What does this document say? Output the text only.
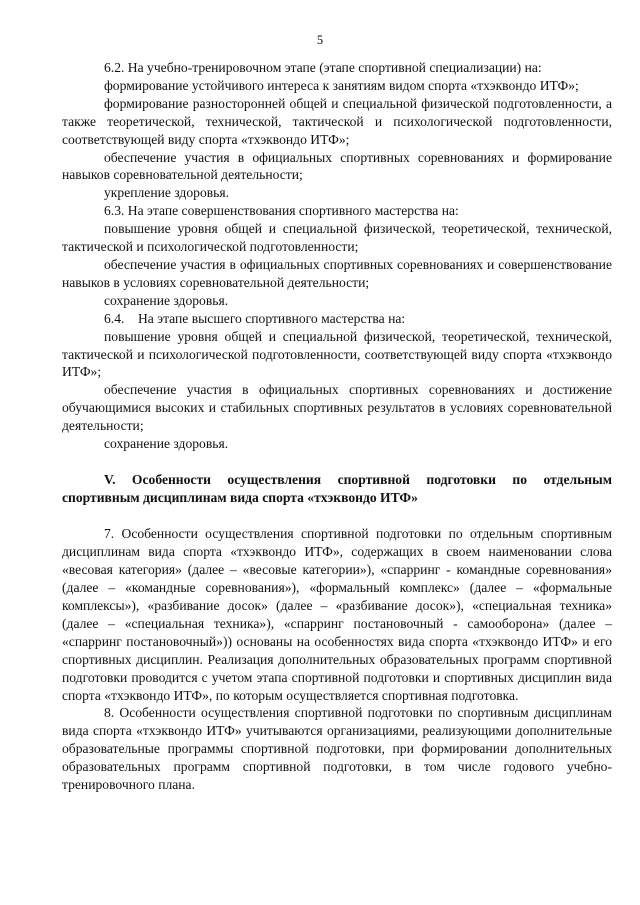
5

6.2. На учебно-тренировочном этапе (этапе спортивной специализации) на:

формирование устойчивого интереса к занятиям видом спорта «тхэквондо ИТФ»;

формирование разносторонней общей и специальной физической подготовленности, а также теоретической, технической, тактической и психологической подготовленности, соответствующей виду спорта «тхэквондо ИТФ»;

обеспечение участия в официальных спортивных соревнованиях и формирование навыков соревновательной деятельности;

укрепление здоровья.

6.3. На этапе совершенствования спортивного мастерства на:

повышение уровня общей и специальной физической, теоретической, технической, тактической и психологической подготовленности;

обеспечение участия в официальных спортивных соревнованиях и совершенствование навыков в условиях соревновательной деятельности;

сохранение здоровья.

6.4. На этапе высшего спортивного мастерства на:

повышение уровня общей и специальной физической, теоретической, технической, тактической и психологической подготовленности, соответствующей виду спорта «тхэквондо ИТФ»;

обеспечение участия в официальных спортивных соревнованиях и достижение обучающимися высоких и стабильных спортивных результатов в условиях соревновательной деятельности;

сохранение здоровья.

V. Особенности осуществления спортивной подготовки по отдельным спортивным дисциплинам вида спорта «тхэквондо ИТФ»

7. Особенности осуществления спортивной подготовки по отдельным спортивным дисциплинам вида спорта «тхэквондо ИТФ», содержащих в своем наименовании слова «весовая категория» (далее – «весовые категории»), «спарринг - командные соревнования» (далее – «командные соревнования»), «формальный комплекс» (далее – «формальные комплексы»), «разбивание досок» (далее – «разбивание досок»), «специальная техника» (далее – «специальная техника»), «спарринг постановочный - самооборона» (далее – «спарринг постановочный»)) основаны на особенностях вида спорта «тхэквондо ИТФ» и его спортивных дисциплин. Реализация дополнительных образовательных программ спортивной подготовки проводится с учетом этапа спортивной подготовки и спортивных дисциплин вида спорта «тхэквондо ИТФ», по которым осуществляется спортивная подготовка.

8. Особенности осуществления спортивной подготовки по спортивным дисциплинам вида спорта «тхэквондо ИТФ» учитываются организациями, реализующими дополнительные образовательные программы спортивной подготовки, при формировании дополнительных образовательных программ спортивной подготовки, в том числе годового учебно-тренировочного плана.
